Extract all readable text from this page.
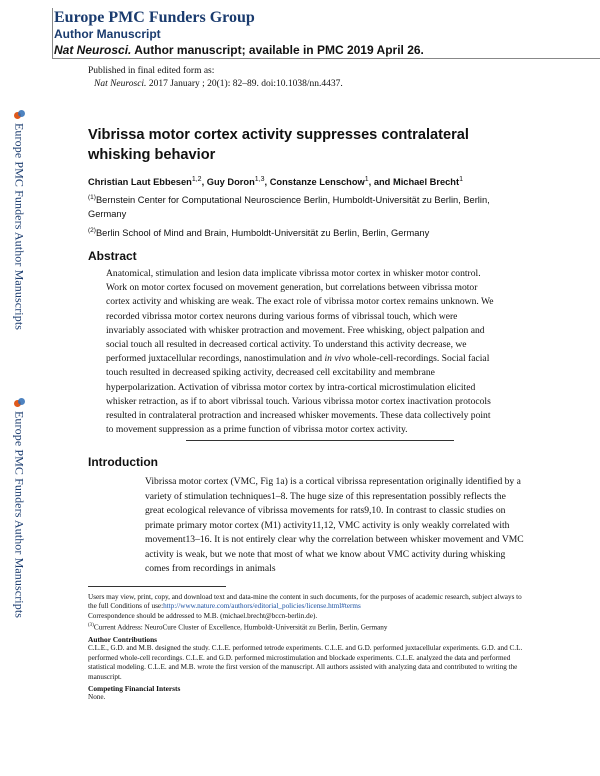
Europe PMC Funders Group
Author Manuscript
Nat Neurosci. Author manuscript; available in PMC 2019 April 26.
Published in final edited form as:
Nat Neurosci. 2017 January ; 20(1): 82–89. doi:10.1038/nn.4437.
Europe PMC Funders Author Manuscripts
Europe PMC Funders Author Manuscripts
Vibrissa motor cortex activity suppresses contralateral whisking behavior
Christian Laut Ebbesen$^{1,2}$, Guy Doron$^{1,3}$, Constanze Lenschow$^1$, and Michael Brecht$^1$
$^{(1)}$Bernstein Center for Computational Neuroscience Berlin, Humboldt-Universität zu Berlin, Berlin, Germany
$^{(2)}$Berlin School of Mind and Brain, Humboldt-Universität zu Berlin, Berlin, Germany
Abstract
Anatomical, stimulation and lesion data implicate vibrissa motor cortex in whisker motor control. Work on motor cortex focused on movement generation, but correlations between vibrissa motor cortex activity and whisking are weak. The exact role of vibrissa motor cortex remains unknown. We recorded vibrissa motor cortex neurons during various forms of vibrissal touch, which were invariably associated with whisker protraction and movement. Free whisking, object palpation and social touch all resulted in decreased cortical activity. To understand this activity decrease, we performed juxtacellular recordings, nanostimulation and in vivo whole-cell-recordings. Social facial touch resulted in decreased spiking activity, decreased cell excitability and membrane hyperpolarization. Activation of vibrissa motor cortex by intra-cortical microstimulation elicited whisker retraction, as if to abort vibrissal touch. Various vibrissa motor cortex inactivation protocols resulted in contralateral protraction and increased whisker movements. These data collectively point to movement suppression as a prime function of vibrissa motor cortex activity.
Introduction
Vibrissa motor cortex (VMC, Fig 1a) is a cortical vibrissa representation originally identified by a variety of stimulation techniques1–8. The huge size of this representation possibly reflects the great ecological relevance of vibrissa movements for rats9,10. In contrast to classic studies on primate primary motor cortex (M1) activity11,12, VMC activity is only weakly correlated with movement13–16. It is not entirely clear why the correlation between whisker movement and VMC activity is weak, but we note that most of what we know about VMC activity during whisking comes from recordings in animals
Users may view, print, copy, and download text and data-mine the content in such documents, for the purposes of academic research, subject always to the full Conditions of use:http://www.nature.com/authors/editorial_policies/license.html#terms
Correspondence should be addressed to M.B. (michael.brecht@bccn-berlin.de).
$^{(3)}$Current Address: NeuroCure Cluster of Excellence, Humboldt-Universität zu Berlin, Berlin, Germany
Author Contributions
C.L.E., G.D. and M.B. designed the study. C.L.E. performed tetrode experiments. C.L.E. and G.D. performed juxtacellular experiments. G.D. and C.L. performed whole-cell recordings. C.L.E. and G.D. performed microstimulation and blockade experiments. C.L.E. analyzed the data and performed statistical modeling. C.L.E. and M.B. wrote the first version of the manuscript. All authors assisted with analyzing data and contributed to writing the manuscript.
Competing Financial Intersts
None.
